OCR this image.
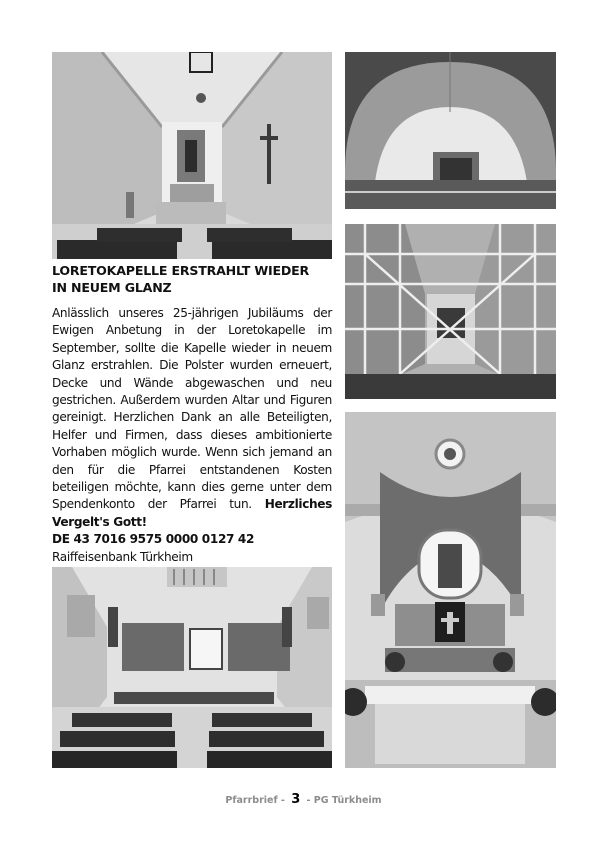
LORETOKAPELLE ERSTRAHLT WIEDER
IN NEUEM GLANZ

Anlässlich unseres 25-jährigen Jubiläums der Ewigen Anbetung in der Loretokapelle im September, sollte die Kapelle wieder in neuem Glanz erstrahlen. Die Polster wurden erneuert, Decke und Wände abgewaschen und neu gestrichen. Außerdem wurden Altar und Figuren gereinigt. Herzlichen Dank an alle Beteiligten, Helfer und Firmen, dass dieses ambitionierte Vorhaben möglich wurde. Wenn sich jemand an den für die Pfarrei entstandenen Kosten beteiligen möchte, kann dies gerne unter dem Spendenkonto der Pfarrei tun. Herzliches Vergelt's Gott!
DE 43 7016 9575 0000 0127 42
Raiffeisenbank Türkheim

Pfarrbrief - 3 - PG Türkheim
